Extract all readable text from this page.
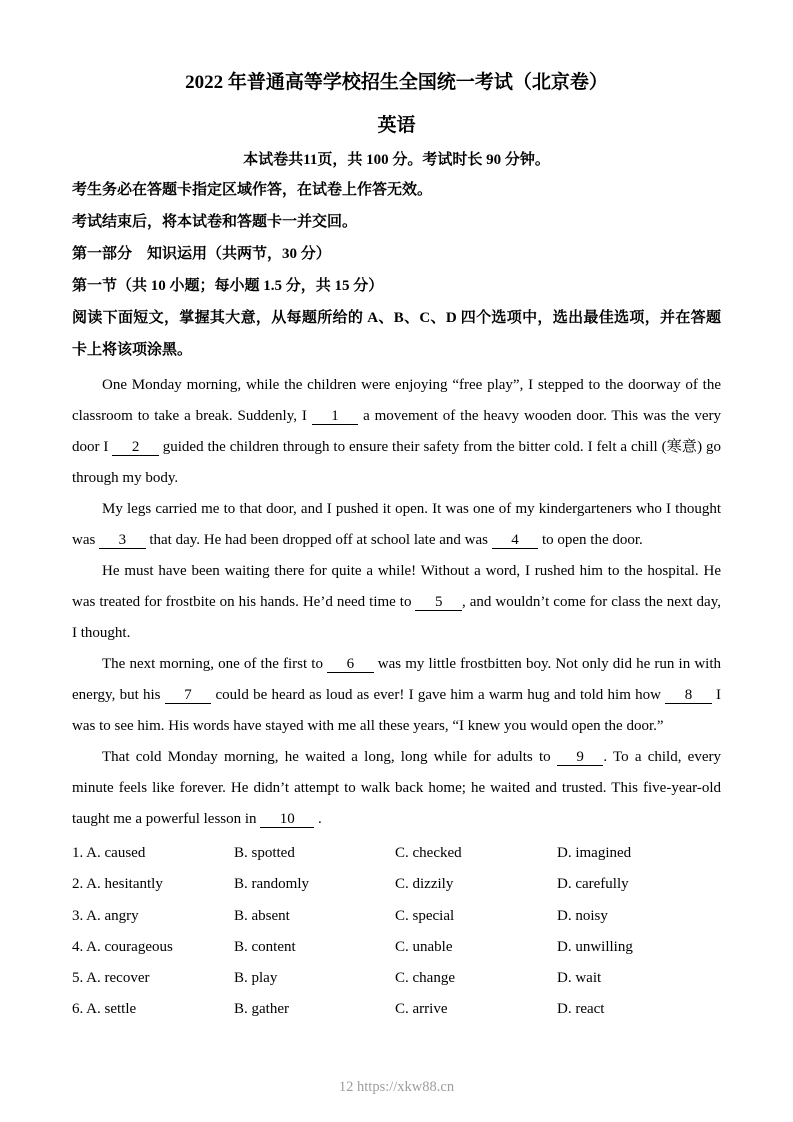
2022 年普通高等学校招生全国统一考试（北京卷）
英语

本试卷共11页，共 100 分。考试时长 90 分钟。

考生务必在答题卡指定区域作答，在试卷上作答无效。

考试结束后，将本试卷和答题卡一并交回。

第一部分　知识运用（共两节，30 分）

第一节（共 10 小题；每小题 1.5 分，共 15 分）

阅读下面短文，掌握其大意，从每题所给的 A、B、C、D 四个选项中，选出最佳选项，并在答题卡上将该项涂黑。

One Monday morning, while the children were enjoying “free play”, I stepped to the doorway of the classroom to take a break. Suddenly, I 1 a movement of the heavy wooden door. This was the very door I 2 guided the children through to ensure their safety from the bitter cold. I felt a chill (寒意) go through my body.

My legs carried me to that door, and I pushed it open. It was one of my kindergarteners who I thought was 3 that day. He had been dropped off at school late and was 4 to open the door.

He must have been waiting there for quite a while! Without a word, I rushed him to the hospital. He was treated for frostbite on his hands. He’d need time to 5 , and wouldn’t come for class the next day, I thought.

The next morning, one of the first to 6 was my little frostbitten boy. Not only did he run in with energy, but his 7 could be heard as loud as ever! I gave him a warm hug and told him how 8 I was to see him. His words have stayed with me all these years, “I knew you would open the door.”

That cold Monday morning, he waited a long, long while for adults to 9 . To a child, every minute feels like forever. He didn’t attempt to walk back home; he waited and trusted. This five-year-old taught me a powerful lesson in 10 .

1. A. caused	B. spotted	C. checked	D. imagined
2. A. hesitantly	B. randomly	C. dizzily	D. carefully
3. A. angry	B. absent	C. special	D. noisy
4. A. courageous	B. content	C. unable	D. unwilling
5. A. recover	B. play	C. change	D. wait
6. A. settle	B. gather	C. arrive	D. react
12 https://xkw88.cn
